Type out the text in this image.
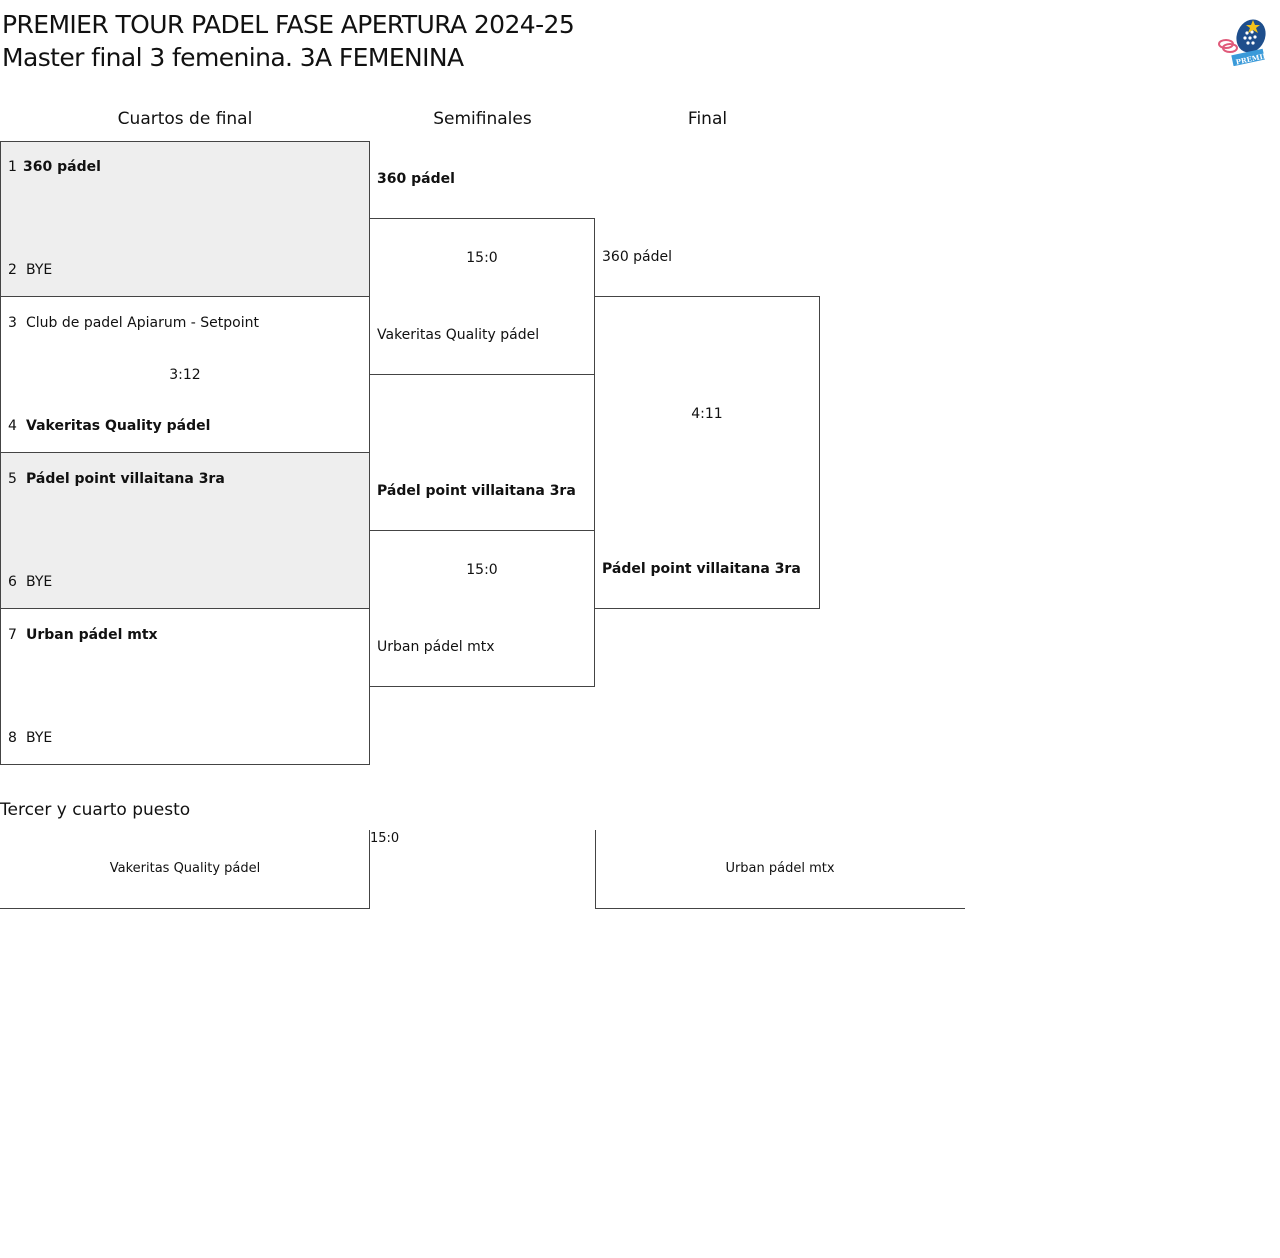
PREMIER TOUR PADEL FASE APERTURA 2024-25
Master final 3 femenina. 3A FEMENINA	PREMIER
Cuartos de final	Semifinales	Final
1 360 pádel
2 BYE
3 Club de padel Apiarum - Setpoint
3:12
4 Vakeritas Quality pádel
5 Pádel point villaitana 3ra
6 BYE
7 Urban pádel mtx
8 BYE
360 pádel
15:0
Vakeritas Quality pádel
Pádel point villaitana 3ra
15:0
Urban pádel mtx
360 pádel
4:11
Pádel point villaitana 3ra
Tercer y cuarto puesto
15:0
Vakeritas Quality pádel	Urban pádel mtx
